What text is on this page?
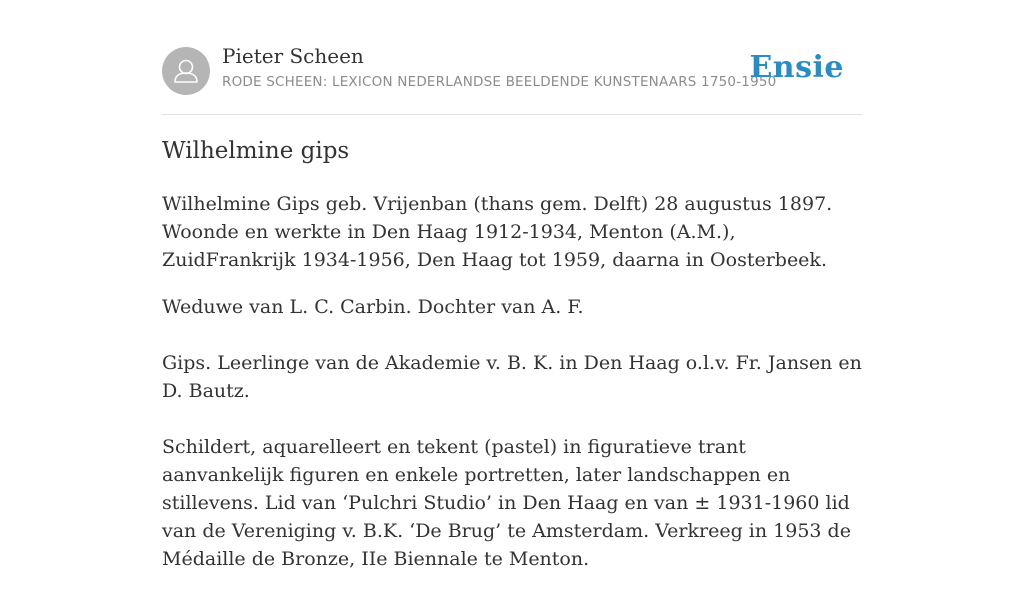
Pieter Scheen
RODE SCHEEN: LEXICON NEDERLANDSE BEELDENDE KUNSTENAARS 1750-1950
Ensie
Wilhelmine gips

Wilhelmine Gips geb. Vrijenban (thans gem. Delft) 28 augustus 1897. Woonde en werkte in Den Haag 1912-1934, Menton (A.M.), ZuidFrankrijk 1934-1956, Den Haag tot 1959, daarna in Oosterbeek.

Weduwe van L. C. Carbin. Dochter van A. F.

Gips. Leerlinge van de Akademie v. B. K. in Den Haag o.l.v. Fr. Jansen en D. Bautz.

Schildert, aquarelleert en tekent (pastel) in figuratieve trant aanvankelijk figuren en enkele portretten, later landschappen en stillevens. Lid van ‘Pulchri Studio’ in Den Haag en van ± 1931-1960 lid van de Vereniging v. B.K. ‘De Brug’ te Amsterdam. Verkreeg in 1953 de Médaille de Bronze, IIe Biennale te Menton.
